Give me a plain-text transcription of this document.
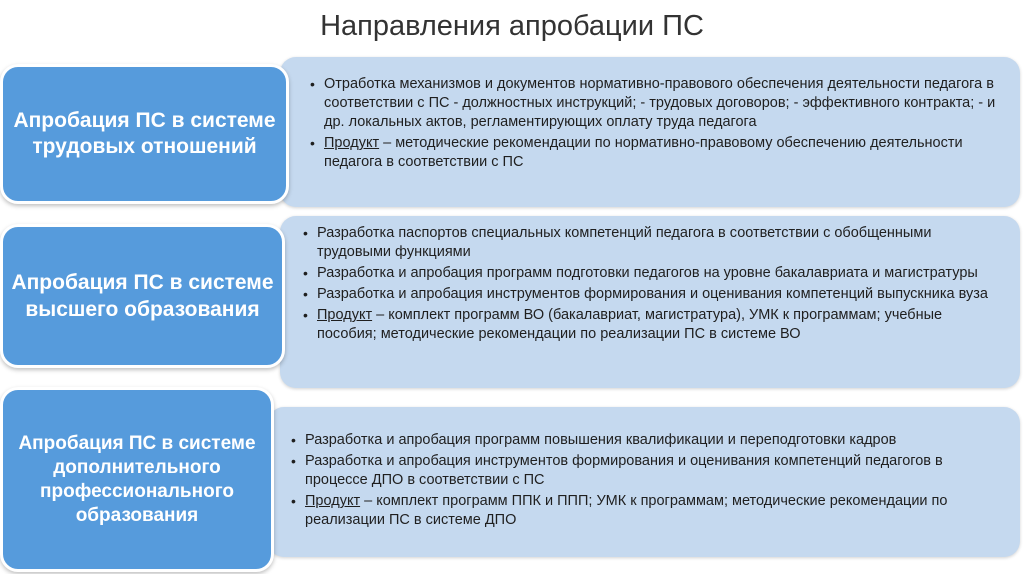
Направления апробации ПС
Апробация ПС в системе трудовых отношений
Апробация ПС в системе высшего образования
Апробация ПС в системе дополнительного профессионального образования
• Отработка механизмов и документов нормативно-правового обеспечения деятельности педагога в соответствии с ПС - должностных инструкций; - трудовых договоров; - эффективного контракта; - и др. локальных актов, регламентирующих оплату труда педагога
• Продукт – методические рекомендации по нормативно-правовому обеспечению деятельности педагога в соответствии с ПС
• Разработка паспортов специальных компетенций педагога в соответствии с обобщенными трудовыми функциями
• Разработка и апробация программ подготовки педагогов на уровне бакалавриата и магистратуры
• Разработка и апробация инструментов формирования и оценивания компетенций выпускника вуза
• Продукт – комплект программ ВО (бакалавриат, магистратура), УМК к программам; учебные пособия; методические рекомендации по реализации ПС в системе ВО
• Разработка и апробация программ повышения квалификации и переподготовки кадров
• Разработка и апробация инструментов формирования и оценивания компетенций педагогов в процессе ДПО в соответствии с ПС
• Продукт – комплект программ ППК и ППП; УМК к программам; методические рекомендации по реализации ПС в системе ДПО
